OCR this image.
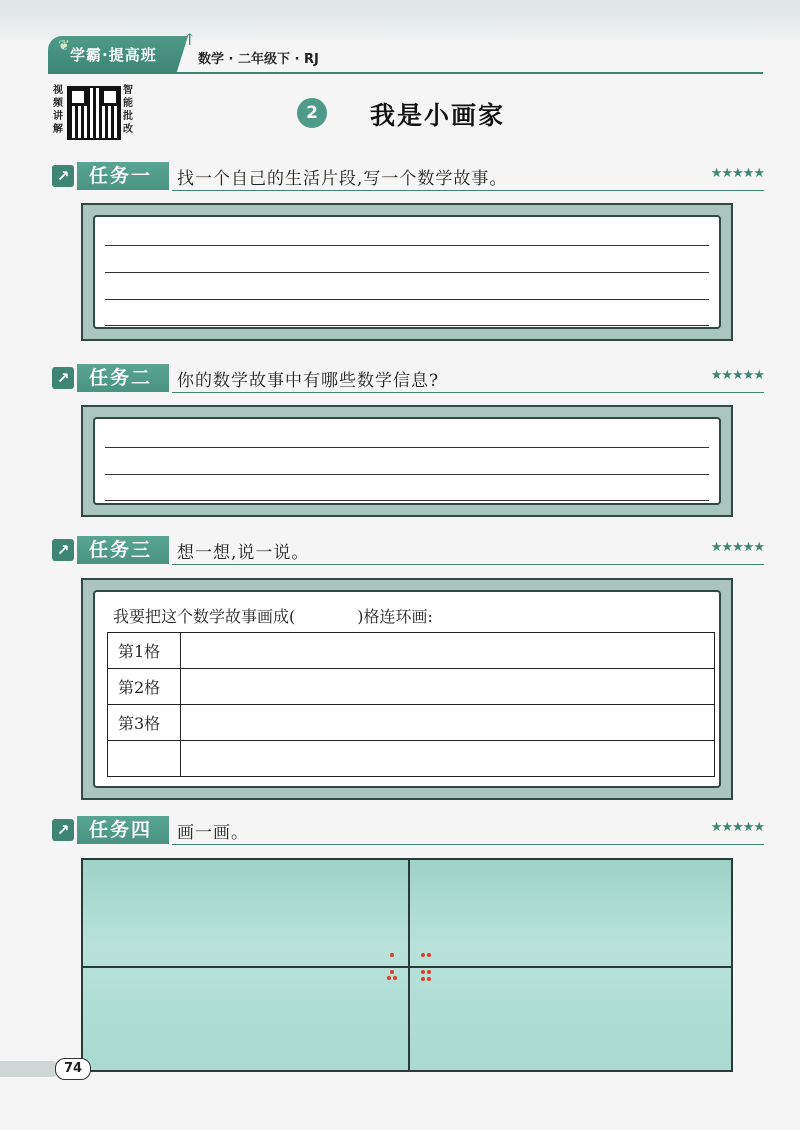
❦ 学霸·提高班
↑
数学 · 二年级下 · RJ
视频讲解
智能批改
2	我是小画家
↗	任务一	找一个自己的生活片段,写一个数学故事。	★★★★★
↗	任务二	你的数学故事中有哪些数学信息?	★★★★★
↗	任务三	想一想,说一说。	★★★★★
我要把这个数学故事画成(	)格连环画:
第1格	
第2格	
第3格	

↗	任务四	画一画。	★★★★★
74
